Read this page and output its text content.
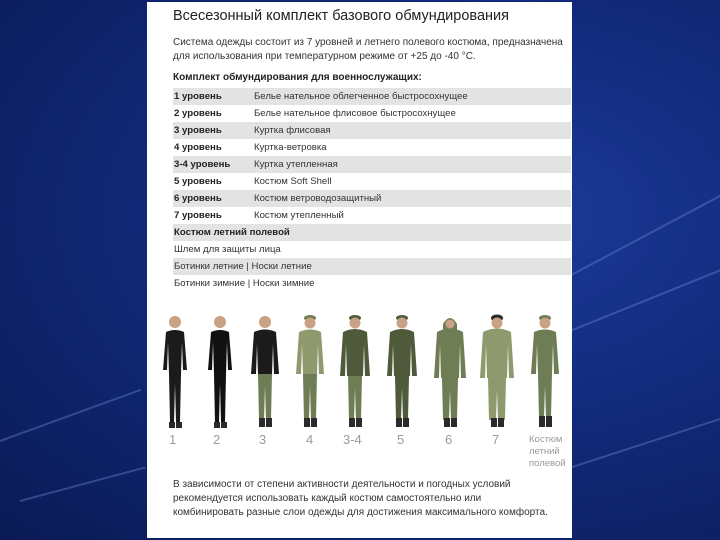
Всесезонный комплект базового обмундирования
Система одежды состоит из 7 уровней и летнего полевого костюма, предназначена для использования при температурном режиме от +25 до -40 °С.
Комплект обмундирования для военнослужащих:
1 уровень	Белье нательное облегченное быстросохнущее
2 уровень	Белье нательное флисовое быстросохнущее
3 уровень	Куртка флисовая
4 уровень	Куртка-ветровка
3-4 уровень	Куртка утепленная
5 уровень	Костюм Soft Shell
6 уровень	Костюм ветроводозащитный
7 уровень	Костюм утепленный
Костюм летний полевой
Шлем для защиты лица
Ботинки летние | Носки летние
Ботинки зимние | Носки зимние
1	2	3	4 3-4	5	6	7	Костюм летний полевой
В зависимости от степени активности деятельности и погодных условий рекомендуется использовать каждый костюм самостоятельно или комбинировать разные слои одежды для достижения максимального комфорта.
